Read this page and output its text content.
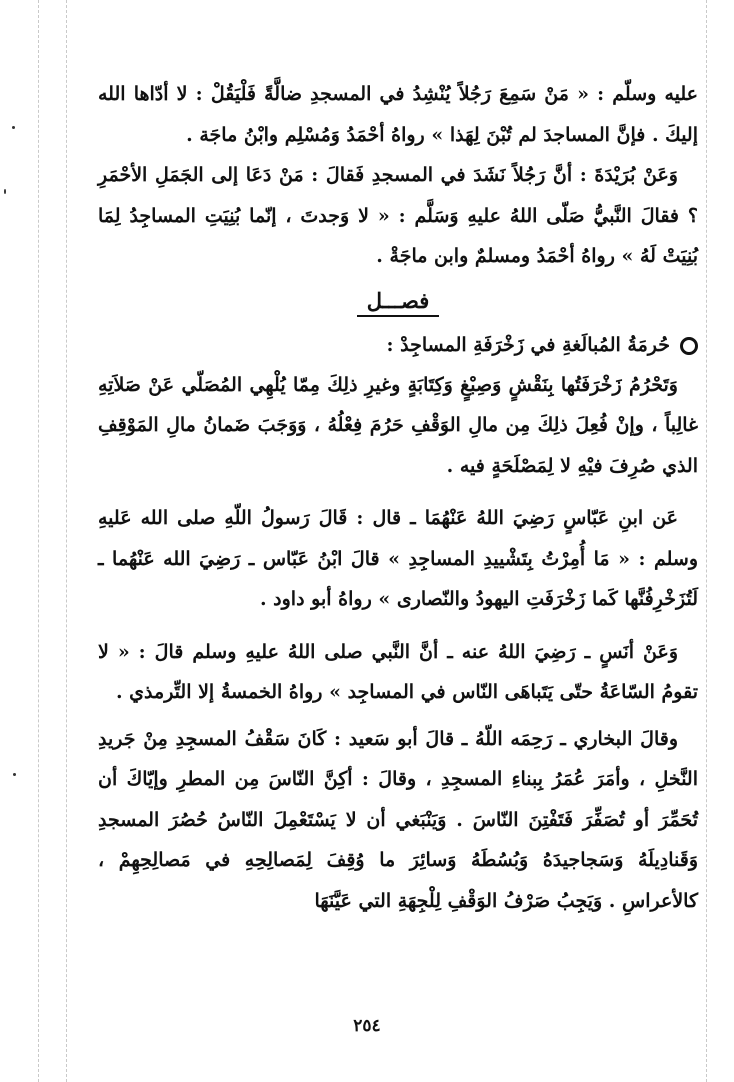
عليه وسلّم : « مَنْ سَمِعَ رَجُلاً يُنْشِدُ في المسجدِ ضالَّةً فَلْيَقُلْ : لا أدّاها الله إليكَ . فإنَّ المساجدَ لم تُبْنَ لِهَذا » رواهُ أحْمَدُ وَمُسْلِم وابْنُ ماجَة .

وَعَنْ بُرَيْدَةَ : أنَّ رَجُلاً نَشَدَ في المسجدِ فَقالَ : مَنْ دَعَا إلى الجَمَلِ الأحْمَرِ ؟ فقالَ النَّبيُّ صَلّى اللهُ عليهِ وَسَلَّم : « لا وَجدتَ ، إنّما بُنِيَتِ المساجِدُ لِمَا بُنِيَتْ لَهُ » رواهُ أحْمَدُ ومسلمٌ وابن ماجَةْ .

فصـــل

حُرمَةُ المُبالَغةِ في زَخْرَفَةِ المساجِدْ :

وَتَحْرُمُ زَخْرَفَتُها بِنَقْشٍ وَصِبْغٍ وَكِتَابَةٍ وغيرِ ذلِكَ مِمّا يُلْهِي المُصَلّي عَنْ صَلاَتِهِ غالِباً ، وإنْ فُعِلَ ذلِكَ مِن مالِ الوَقْفِ حَرُمَ فِعْلُهُ ، وَوَجَبَ ضَمانُ مالِ المَوْقِفِ الذي صُرِفَ فيْهِ لا لِمَصْلَحَةٍ فيه .

عَن ابنِ عَبّاسٍ رَضِيَ اللهُ عَنْهُمَا ـ قال : قَالَ رَسولُ اللّهِ صلى الله عَليهِ وسلم : « مَا أُمِرْتُ بِتَشْييدِ المساجِدِ » قالَ ابْنُ عَبّاس ـ رَضِيَ الله عَنْهُما ـ لَتُزَخْرِفُنَّها كَما زَخْرَفَتِ اليهودُ والنّصارى » رواهُ أبو داود .

وَعَنْ أنَسٍ ـ رَضِيَ اللهُ عنه ـ أنَّ النَّبي صلى اللهُ عليهِ وسلم قالَ : « لا تقومُ السّاعَةُ حتّى يَتَباهَى النّاس في المساجِد » رواهُ الخمسةُ إلا التِّرمذي .

وقالَ البخاري ـ رَحِمَه اللّهُ ـ قالَ أبو سَعيد : كَانَ سَقْفُ المسجِدِ مِنْ جَريدِ النَّخلِ ، وأمَرَ عُمَرُ بِبناءِ المسجِدِ ، وقالَ : أكِنَّ النّاسَ مِن المطرِ وإيّاكَ أن تُحَمِّرَ أو تُصَفِّرَ فَتَفْتِنَ النّاسَ . وَيَنْبَغي أن لا يَسْتَعْمِلَ النّاسُ حُصُرَ المسجدِ وَقَنادِيلَهُ وَسَجاجيدَهُ وَبُسُطَهُ وَسائِرَ ما وُقِفَ لِمَصالِحِهِ في مَصالِحِهِمْ ، كالأعراسِ . وَيَجِبُ صَرْفُ الوَقْفِ لِلْجِهَةِ التي عَيَّنَهَا

٢٥٤
